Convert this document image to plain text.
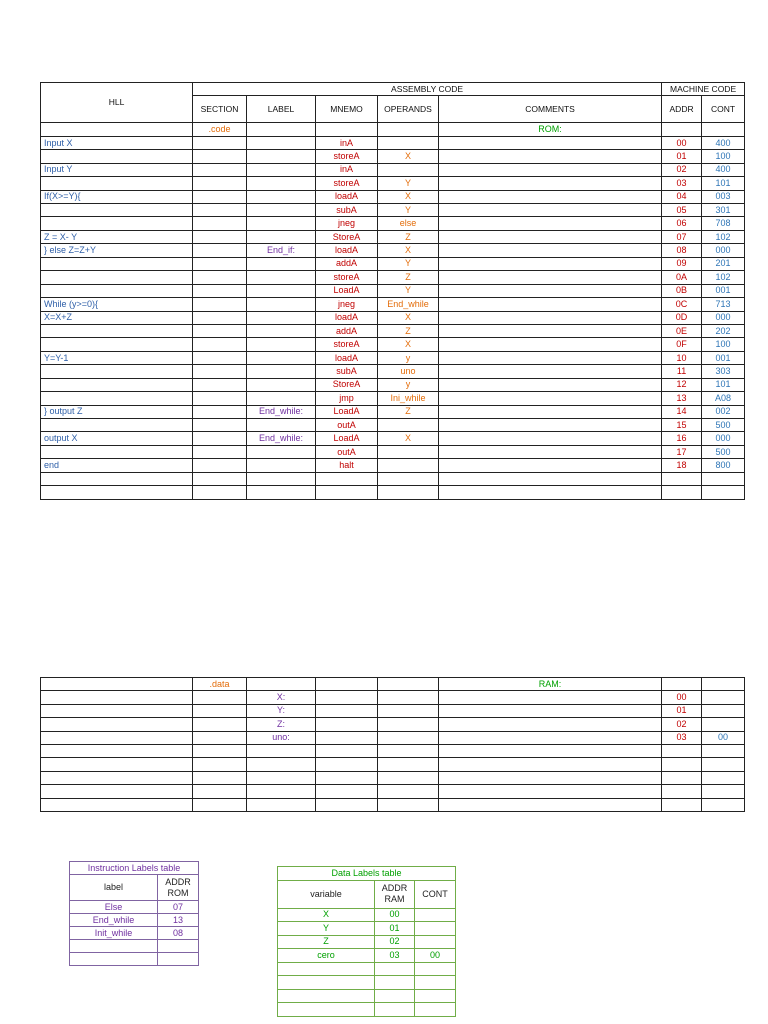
HLL	ASSEMBLY CODE					MACHINE CODE	
	SECTION	LABEL	MNEMO	OPERANDS	COMMENTS	ADDR	CONT
	.code				ROM:		
Input X			inA			00	400
			storeA	X		01	100
Input Y			inA			02	400
			storeA	Y		03	101
If(X>=Y){			loadA	X		04	003
			subA	Y		05	301
			jneg	else		06	708
Z = X- Y			StoreA	Z		07	102
} else Z=Z+Y		End_if:	loadA	X		08	000
			addA	Y		09	201
			storeA	Z		0A	102
			LoadA	Y		0B	001
While (y>=0){			jneg	End_while		0C	713
X=X+Z			loadA	X		0D	000
			addA	Z		0E	202
			storeA	X		0F	100
Y=Y-1			loadA	y		10	001
			subA	uno		11	303
			StoreA	y		12	101
			jmp	Ini_while		13	A08
} output Z		End_while:	LoadA	Z		14	002
			outA			15	500
output X		End_while:	LoadA	X		16	000
			outA			17	500
end			halt			18	800

	.data				RAM:		
		X:				00	
		Y:				01	
		Z:				02	
		uno:				03	00

Instruction Labels table	
label	ADDR ROM
Else	07
End_while	13
Init_while	08

Data Labels table		
variable	ADDR RAM	CONT
X	00	
Y	01	
Z	02	
cero	03	00
